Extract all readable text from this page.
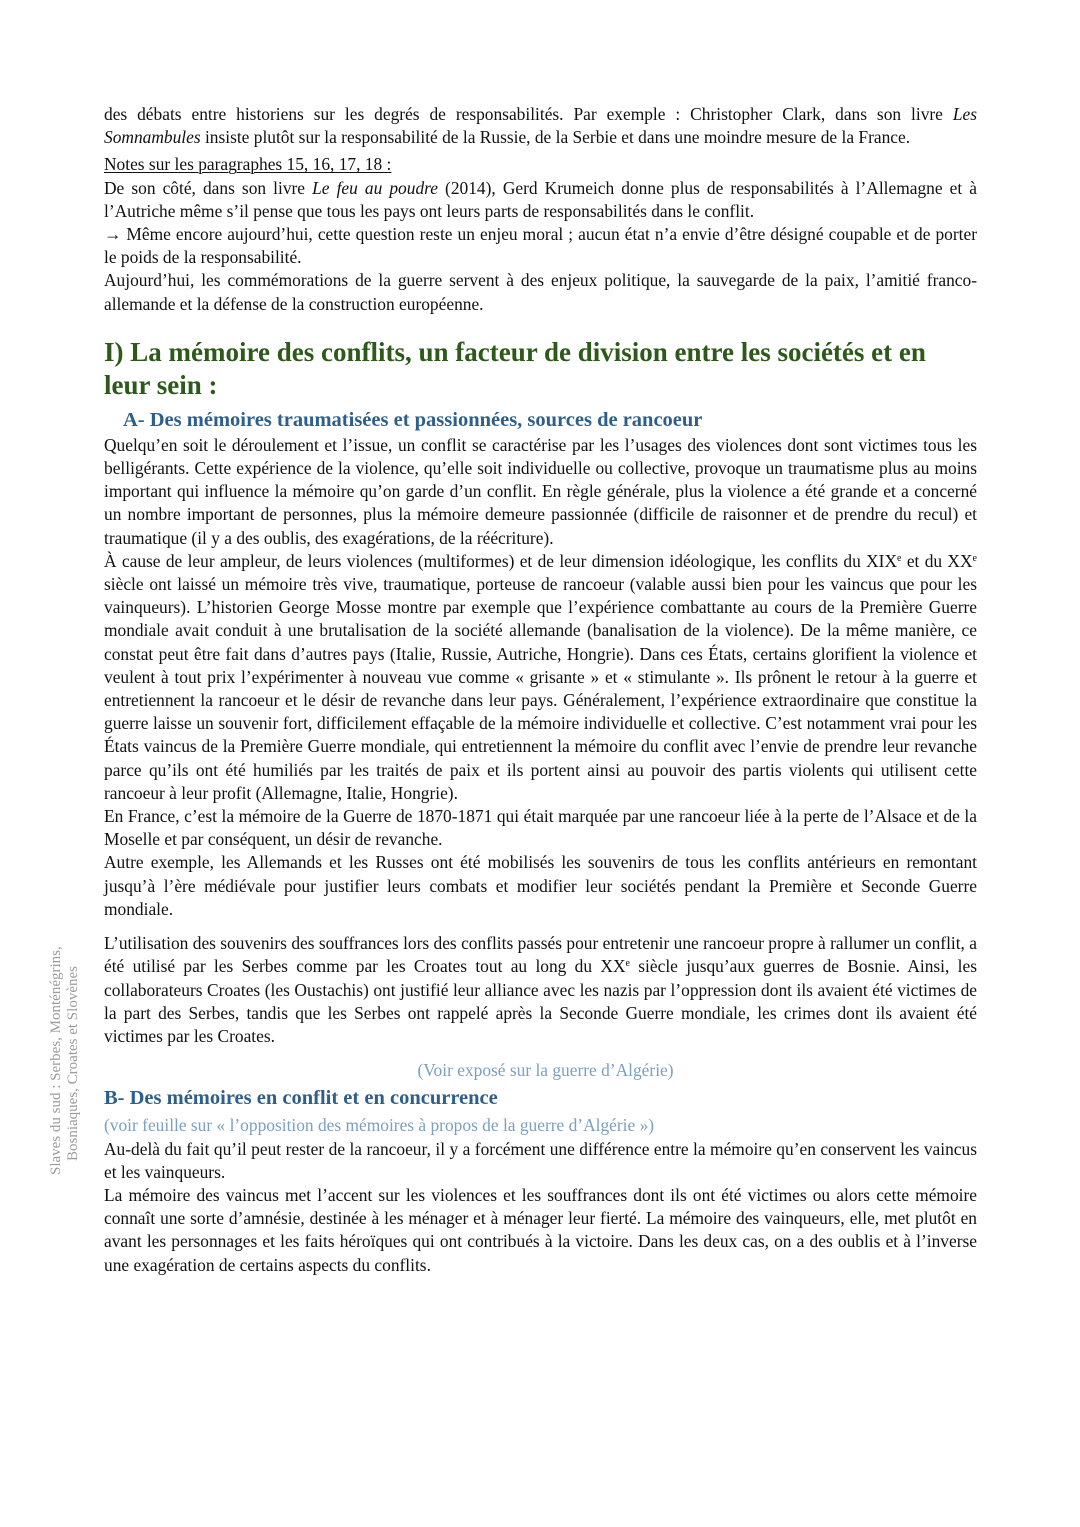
Slaves du sud : Serbes, Monténégrins, Bosniaques, Croates et Slovènes

des débats entre historiens sur les degrés de responsabilités. Par exemple : Christopher Clark, dans son livre Les Somnambules insiste plutôt sur la responsabilité de la Russie, de la Serbie et dans une moindre mesure de la France.

Notes sur les paragraphes 15, 16, 17, 18 :

De son côté, dans son livre Le feu au poudre (2014), Gerd Krumeich donne plus de responsabilités à l’Allemagne et à l’Autriche même s’il pense que tous les pays ont leurs parts de responsabilités dans le conflit.

→ Même encore aujourd’hui, cette question reste un enjeu moral ; aucun état n’a envie d’être désigné coupable et de porter le poids de la responsabilité.

Aujourd’hui, les commémorations de la guerre servent à des enjeux politique, la sauvegarde de la paix, l’amitié franco-allemande et la défense de la construction européenne.

I) La mémoire des conflits, un facteur de division entre les sociétés et en leur sein :
A- Des mémoires traumatisées et passionnées, sources de rancoeur

Quelqu’en soit le déroulement et l’issue, un conflit se caractérise par les l’usages des violences dont sont victimes tous les belligérants. Cette expérience de la violence, qu’elle soit individuelle ou collective, provoque un traumatisme plus au moins important qui influence la mémoire qu’on garde d’un conflit. En règle générale, plus la violence a été grande et a concerné un nombre important de personnes, plus la mémoire demeure passionnée (difficile de raisonner et de prendre du recul) et traumatique (il y a des oublis, des exagérations, de la réécriture).

À cause de leur ampleur, de leurs violences (multiformes) et de leur dimension idéologique, les conflits du XIXe et du XXe siècle ont laissé un mémoire très vive, traumatique, porteuse de rancoeur (valable aussi bien pour les vaincus que pour les vainqueurs). L’historien George Mosse montre par exemple que l’expérience combattante au cours de la Première Guerre mondiale avait conduit à une brutalisation de la société allemande (banalisation de la violence). De la même manière, ce constat peut être fait dans d’autres pays (Italie, Russie, Autriche, Hongrie). Dans ces États, certains glorifient la violence et veulent à tout prix l’expérimenter à nouveau vue comme « grisante » et « stimulante ». Ils prônent le retour à la guerre et entretiennent la rancoeur et le désir de revanche dans leur pays. Généralement, l’expérience extraordinaire que constitue la guerre laisse un souvenir fort, difficilement effaçable de la mémoire individuelle et collective. C’est notamment vrai pour les États vaincus de la Première Guerre mondiale, qui entretiennent la mémoire du conflit avec l’envie de prendre leur revanche parce qu’ils ont été humiliés par les traités de paix et ils portent ainsi au pouvoir des partis violents qui utilisent cette rancoeur à leur profit (Allemagne, Italie, Hongrie).

En France, c’est la mémoire de la Guerre de 1870-1871 qui était marquée par une rancoeur liée à la perte de l’Alsace et de la Moselle et par conséquent, un désir de revanche.

Autre exemple, les Allemands et les Russes ont été mobilisés les souvenirs de tous les conflits antérieurs en remontant jusqu’à l’ère médiévale pour justifier leurs combats et modifier leur sociétés pendant la Première et Seconde Guerre mondiale.

L’utilisation des souvenirs des souffrances lors des conflits passés pour entretenir une rancoeur propre à rallumer un conflit, a été utilisé par les Serbes comme par les Croates tout au long du XXe siècle jusqu’aux guerres de Bosnie. Ainsi, les collaborateurs Croates (les Oustachis) ont justifié leur alliance avec les nazis par l’oppression dont ils avaient été victimes de la part des Serbes, tandis que les Serbes ont rappelé après la Seconde Guerre mondiale, les crimes dont ils avaient été victimes par les Croates.

(Voir exposé sur la guerre d’Algérie)

B- Des mémoires en conflit et en concurrence

(voir feuille sur « l’opposition des mémoires à propos de la guerre d’Algérie »)

Au-delà du fait qu’il peut rester de la rancoeur, il y a forcément une différence entre la mémoire qu’en conservent les vaincus et les vainqueurs.

La mémoire des vaincus met l’accent sur les violences et les souffrances dont ils ont été victimes ou alors cette mémoire connaît une sorte d’amnésie, destinée à les ménager et à ménager leur fierté. La mémoire des vainqueurs, elle, met plutôt en avant les personnages et les faits héroïques qui ont contribués à la victoire. Dans les deux cas, on a des oublis et à l’inverse une exagération de certains aspects du conflits.
